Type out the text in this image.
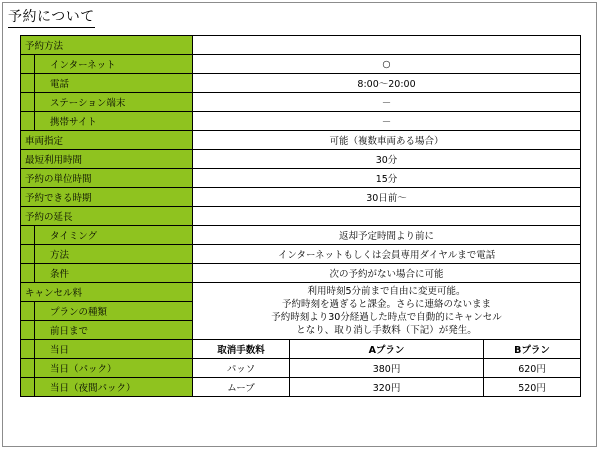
予約について
予約方法				
	インターネット	○		
	電話	8:00～20:00		
	ステーション端末	－		
	携帯サイト	－		
車両指定		可能（複数車両ある場合）		
最短利用時間		30分		
予約の単位時間		15分		
予約できる時期		30日前～		
予約の延長				
	タイミング	返却予定時間より前に		
	方法	インターネットもしくは会員専用ダイヤルまで電話		
	条件	次の予約がない場合に可能		
キャンセル料		利用時刻5分前まで自由に変更可能。
予約時刻を過ぎると課金。さらに連絡のないまま
予約時刻より30分経過した時点で自動的にキャンセル
となり、取り消し手数料（下記）が発生。		

	プランの種類			
	前日まで			
	当日	取消手数料	Aプラン	Bプラン
	当日（パック）	パッソ	380円	620円
	当日（夜間パック）	ムーブ	320円	520円
